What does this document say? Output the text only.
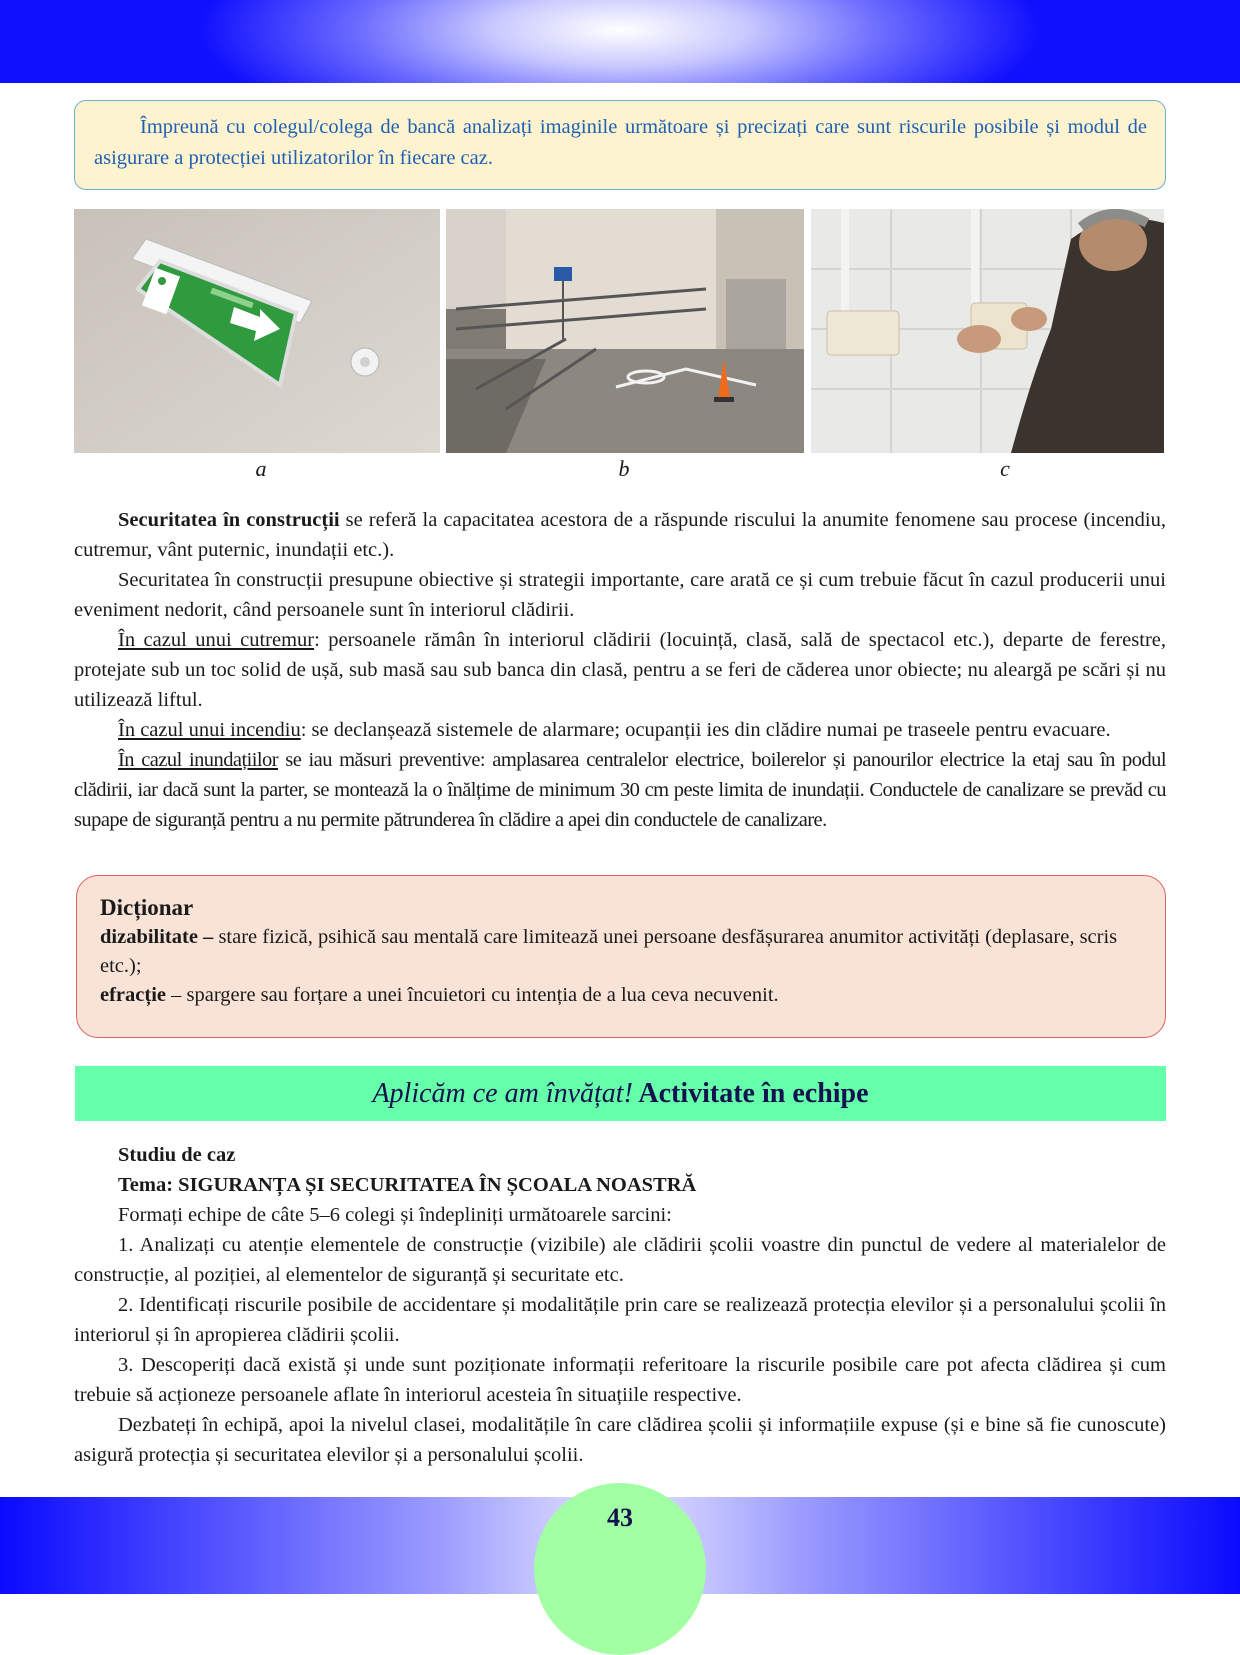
Împreună cu colegul/colega de bancă analizați imaginile următoare și precizați care sunt riscurile posibile și modul de asigurare a protecției utilizatorilor în fiecare caz.
a	b	c

Securitatea în construcții se referă la capacitatea acestora de a răspunde riscului la anumite fenomene sau procese (incendiu, cutremur, vânt puternic, inundații etc.).

Securitatea în construcții presupune obiective și strategii importante, care arată ce și cum trebuie făcut în cazul producerii unui eveniment nedorit, când persoanele sunt în interiorul clădirii.

În cazul unui cutremur: persoanele rămân în interiorul clădirii (locuință, clasă, sală de spectacol etc.), departe de ferestre, protejate sub un toc solid de ușă, sub masă sau sub banca din clasă, pentru a se feri de căderea unor obiecte; nu aleargă pe scări și nu utilizează liftul.

În cazul unui incendiu: se declanșează sistemele de alarmare; ocupanții ies din clădire numai pe traseele pentru evacuare.

În cazul inundațiilor se iau măsuri preventive: amplasarea centralelor electrice, boilerelor și panourilor electrice la etaj sau în podul clădirii, iar dacă sunt la parter, se montează la o înălțime de minimum 30 cm peste limita de inundații. Conductele de canalizare se prevăd cu supape de siguranță pentru a nu permite pătrunderea în clădire a apei din conductele de canalizare.

Dicționar
dizabilitate – stare fizică, psihică sau mentală care limitează unei persoane desfășurarea anumitor activități (deplasare, scris etc.);
efracție – spargere sau forțare a unei încuietori cu intenția de a lua ceva necuvenit.
Aplicăm ce am învățat! Activitate în echipe

Studiu de caz

Tema: SIGURANȚA ȘI SECURITATEA ÎN ȘCOALA NOASTRĂ

Formați echipe de câte 5–6 colegi și îndepliniți următoarele sarcini:

1. Analizați cu atenție elementele de construcție (vizibile) ale clădirii școlii voastre din punctul de vedere al materialelor de construcție, al poziției, al elementelor de siguranță și securitate etc.

2. Identificați riscurile posibile de accidentare și modalitățile prin care se realizează protecția elevilor și a personalului școlii în interiorul și în apropierea clădirii școlii.

3. Descoperiți dacă există și unde sunt poziționate informații referitoare la riscurile posibile care pot afecta clădirea și cum trebuie să acționeze persoanele aflate în interiorul acesteia în situațiile respective.

Dezbateți în echipă, apoi la nivelul clasei, modalitățile în care clădirea școlii și informațiile expuse (și e bine să fie cunoscute) asigură protecția și securitatea elevilor și a personalului școlii.

43
